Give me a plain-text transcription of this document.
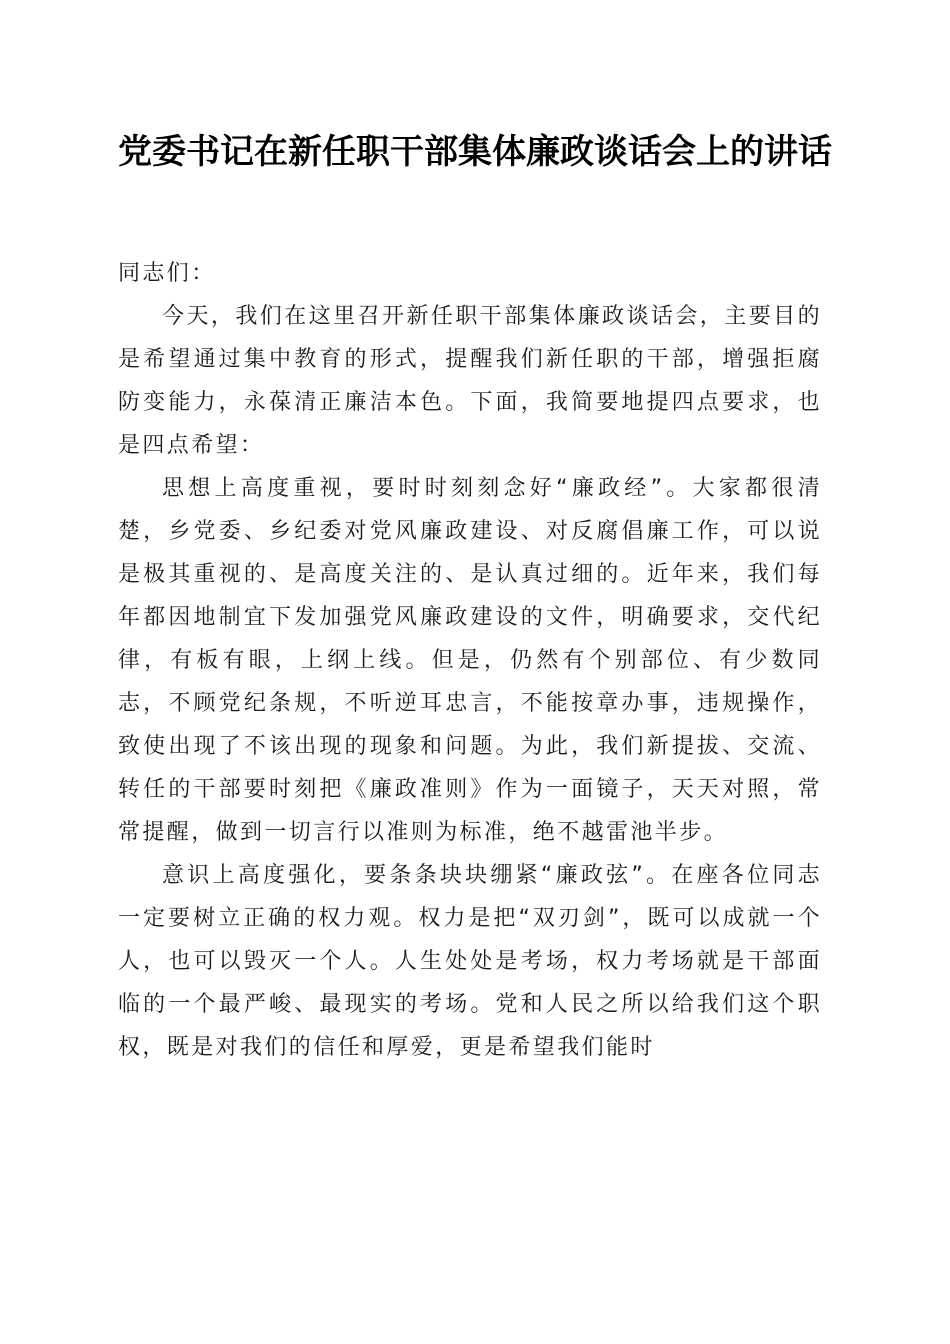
党委书记在新任职干部集体廉政谈话会上的讲话

同志们：

今天，我们在这里召开新任职干部集体廉政谈话会，主要目的是希望通过集中教育的形式，提醒我们新任职的干部，增强拒腐防变能力，永葆清正廉洁本色。下面，我简要地提四点要求，也是四点希望：

思想上高度重视，要时时刻刻念好“廉政经”。大家都很清楚，乡党委、乡纪委对党风廉政建设、对反腐倡廉工作，可以说是极其重视的、是高度关注的、是认真过细的。近年来，我们每年都因地制宜下发加强党风廉政建设的文件，明确要求，交代纪律，有板有眼，上纲上线。但是，仍然有个别部位、有少数同志，不顾党纪条规，不听逆耳忠言，不能按章办事，违规操作，致使出现了不该出现的现象和问题。为此，我们新提拔、交流、转任的干部要时刻把《廉政准则》作为一面镜子，天天对照，常常提醒，做到一切言行以准则为标准，绝不越雷池半步。

意识上高度强化，要条条块块绷紧“廉政弦”。在座各位同志一定要树立正确的权力观。权力是把“双刃剑”，既可以成就一个人，也可以毁灭一个人。人生处处是考场，权力考场就是干部面临的一个最严峻、最现实的考场。党和人民之所以给我们这个职权，既是对我们的信任和厚爱，更是希望我们能时
